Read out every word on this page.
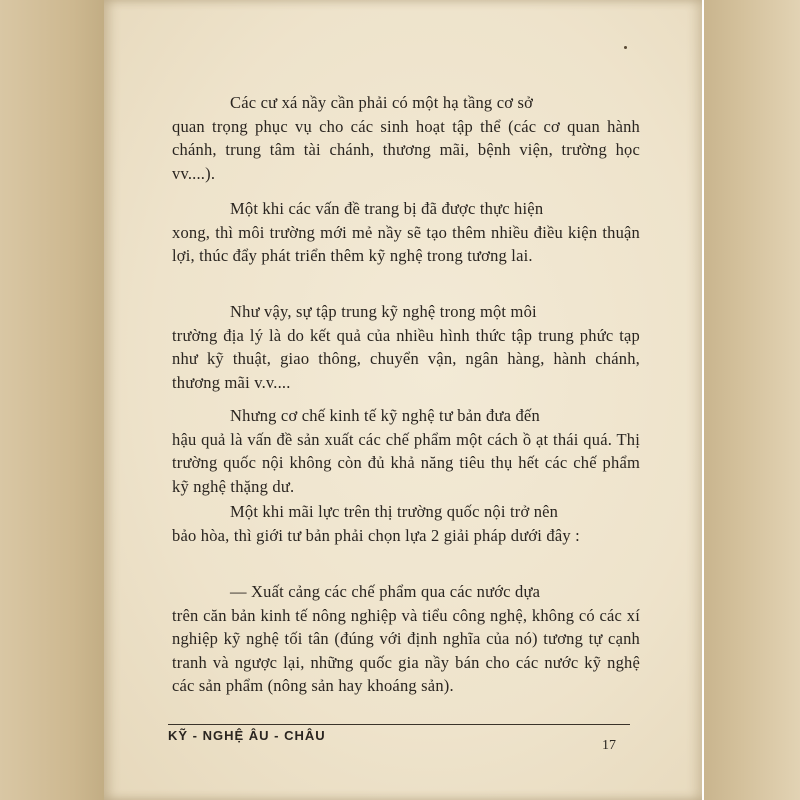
Các cư xá nầy cần phải có một hạ tầng cơ sở
quan trọng phục vụ cho các sinh hoạt tập thể (các cơ quan hành chánh, trung tâm tài chánh, thương mãi, bệnh viện, trường học vv....).
Một khi các vấn đề trang bị đã được thực hiện
xong, thì môi trường mới mẻ nầy sẽ tạo thêm nhiều điều kiện thuận lợi, thúc đẩy phát triển thêm kỹ nghệ trong tương lai.
Như vậy, sự tập trung kỹ nghệ trong một môi
trường địa lý là do kết quả của nhiều hình thức tập trung phức tạp như kỹ thuật, giao thông, chuyển vận, ngân hàng, hành chánh, thương mãi v.v....
Nhưng cơ chế kinh tế kỹ nghệ tư bản đưa đến
hậu quả là vấn đề sản xuất các chế phẩm một cách ồ ạt thái quá. Thị trường quốc nội không còn đủ khả năng tiêu thụ hết các chế phẩm kỹ nghệ thặng dư.
Một khi mãi lực trên thị trường quốc nội trở nên
bảo hòa, thì giới tư bản phải chọn lựa 2 giải pháp dưới đây :
— Xuất cảng các chế phẩm qua các nước dựa
trên căn bản kinh tế nông nghiệp và tiểu công nghệ, không có các xí nghiệp kỹ nghệ tối tân (đúng với định nghĩa của nó) tương tự cạnh tranh và ngược lại, những quốc gia nầy bán cho các nước kỹ nghệ các sản phẩm (nông sản hay khoáng sản).
KỸ - NGHỆ ÂU - CHÂU
17
